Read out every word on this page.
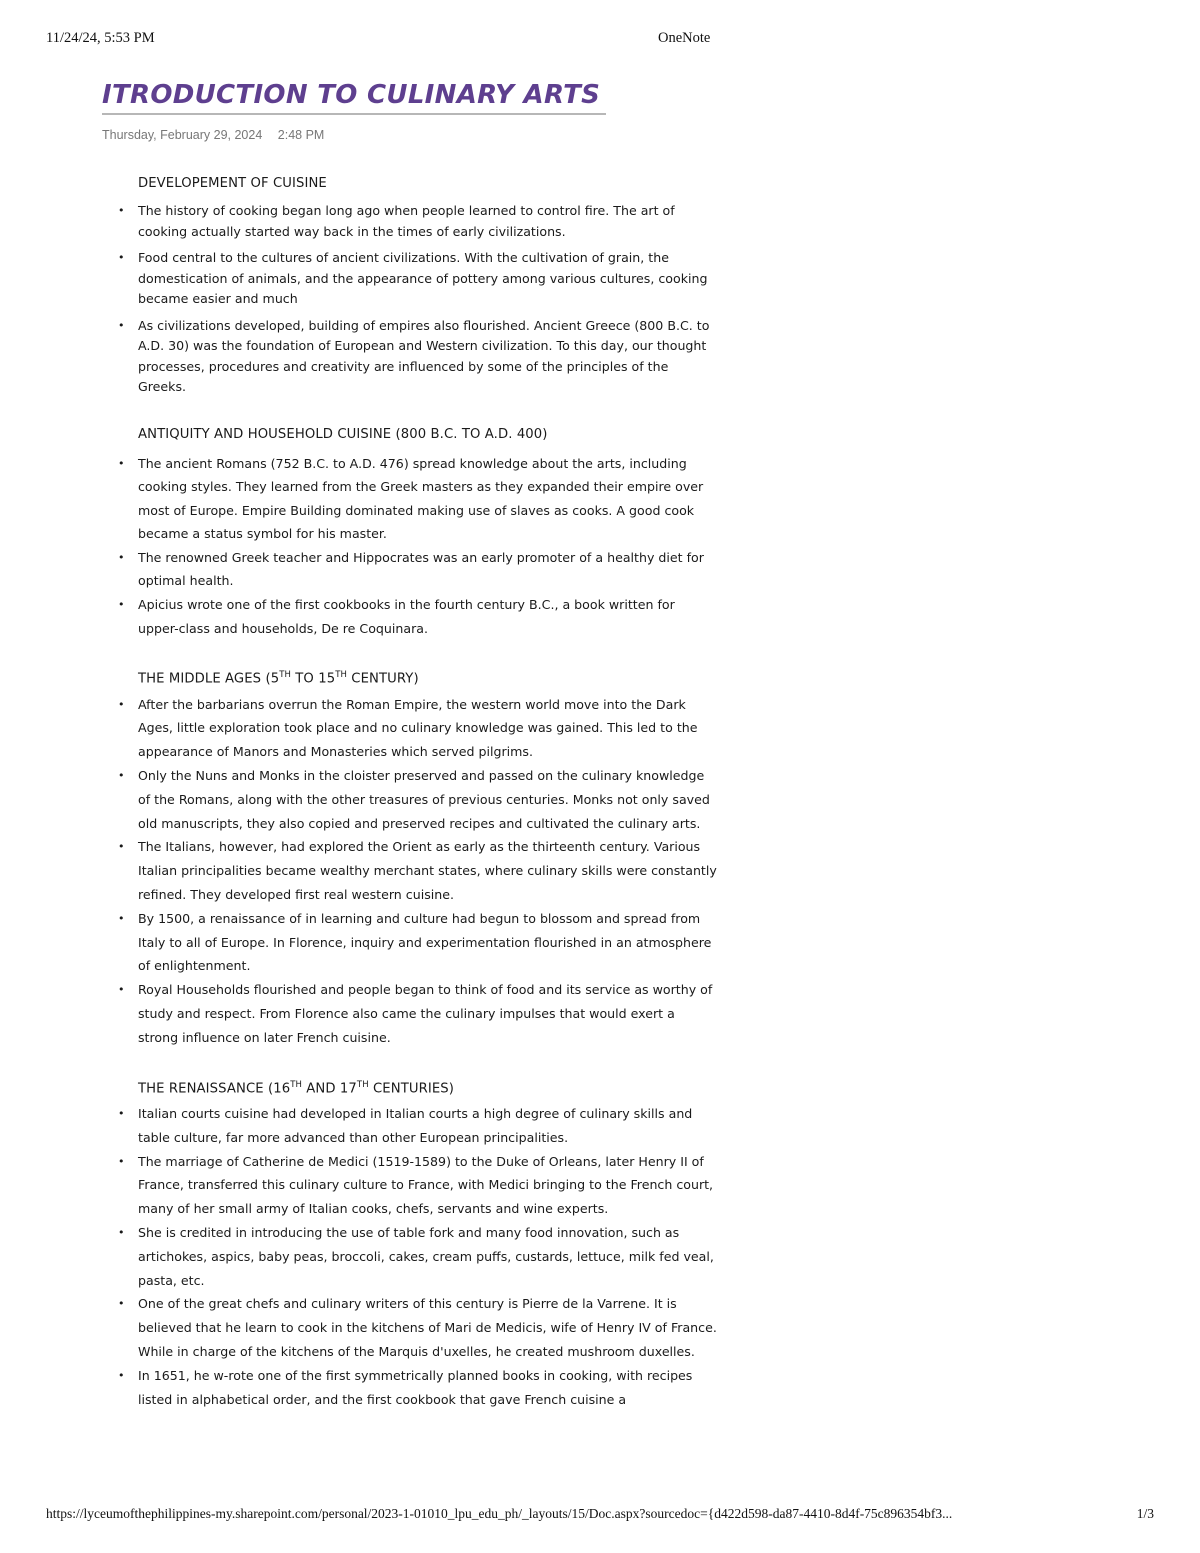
11/24/24, 5:53 PM	OneNote
ITRODUCTION TO CULINARY ARTS
Thursday, February 29, 2024 2:48 PM
DEVELOPEMENT OF CUISINE
• The history of cooking began long ago when people learned to control fire. The art of cooking actually started way back in the times of early civilizations.
• Food central to the cultures of ancient civilizations. With the cultivation of grain, the domestication of animals, and the appearance of pottery among various cultures, cooking became easier and much
• As civilizations developed, building of empires also flourished. Ancient Greece (800 B.C. to A.D. 30) was the foundation of European and Western civilization. To this day, our thought processes, procedures and creativity are influenced by some of the principles of the Greeks.
ANTIQUITY AND HOUSEHOLD CUISINE (800 B.C. TO A.D. 400)
• The ancient Romans (752 B.C. to A.D. 476) spread knowledge about the arts, including cooking styles. They learned from the Greek masters as they expanded their empire over most of Europe. Empire Building dominated making use of slaves as cooks. A good cook became a status symbol for his master.
• The renowned Greek teacher and Hippocrates was an early promoter of a healthy diet for optimal health.
• Apicius wrote one of the first cookbooks in the fourth century B.C., a book written for upper-class and households, De re Coquinara.
THE MIDDLE AGES (5TH TO 15TH CENTURY)
• After the barbarians overrun the Roman Empire, the western world move into the Dark Ages, little exploration took place and no culinary knowledge was gained. This led to the appearance of Manors and Monasteries which served pilgrims.
• Only the Nuns and Monks in the cloister preserved and passed on the culinary knowledge of the Romans, along with the other treasures of previous centuries. Monks not only saved old manuscripts, they also copied and preserved recipes and cultivated the culinary arts.
• The Italians, however, had explored the Orient as early as the thirteenth century. Various Italian principalities became wealthy merchant states, where culinary skills were constantly refined. They developed first real western cuisine.
• By 1500, a renaissance of in learning and culture had begun to blossom and spread from Italy to all of Europe. In Florence, inquiry and experimentation flourished in an atmosphere of enlightenment.
• Royal Households flourished and people began to think of food and its service as worthy of study and respect. From Florence also came the culinary impulses that would exert a strong influence on later French cuisine.
THE RENAISSANCE (16TH AND 17TH CENTURIES)
• Italian courts cuisine had developed in Italian courts a high degree of culinary skills and table culture, far more advanced than other European principalities.
• The marriage of Catherine de Medici (1519-1589) to the Duke of Orleans, later Henry II of France, transferred this culinary culture to France, with Medici bringing to the French court, many of her small army of Italian cooks, chefs, servants and wine experts.
• She is credited in introducing the use of table fork and many food innovation, such as artichokes, aspics, baby peas, broccoli, cakes, cream puffs, custards, lettuce, milk fed veal, pasta, etc.
• One of the great chefs and culinary writers of this century is Pierre de la Varrene. It is believed that he learn to cook in the kitchens of Mari de Medicis, wife of Henry IV of France. While in charge of the kitchens of the Marquis d'uxelles, he created mushroom duxelles.
• In 1651, he w-rote one of the first symmetrically planned books in cooking, with recipes listed in alphabetical order, and the first cookbook that gave French cuisine a
https://lyceumofthephilippines-my.sharepoint.com/personal/2023-1-01010_lpu_edu_ph/_layouts/15/Doc.aspx?sourcedoc={d422d598-da87-4410-8d4f-75c896354bf3...	1/3
